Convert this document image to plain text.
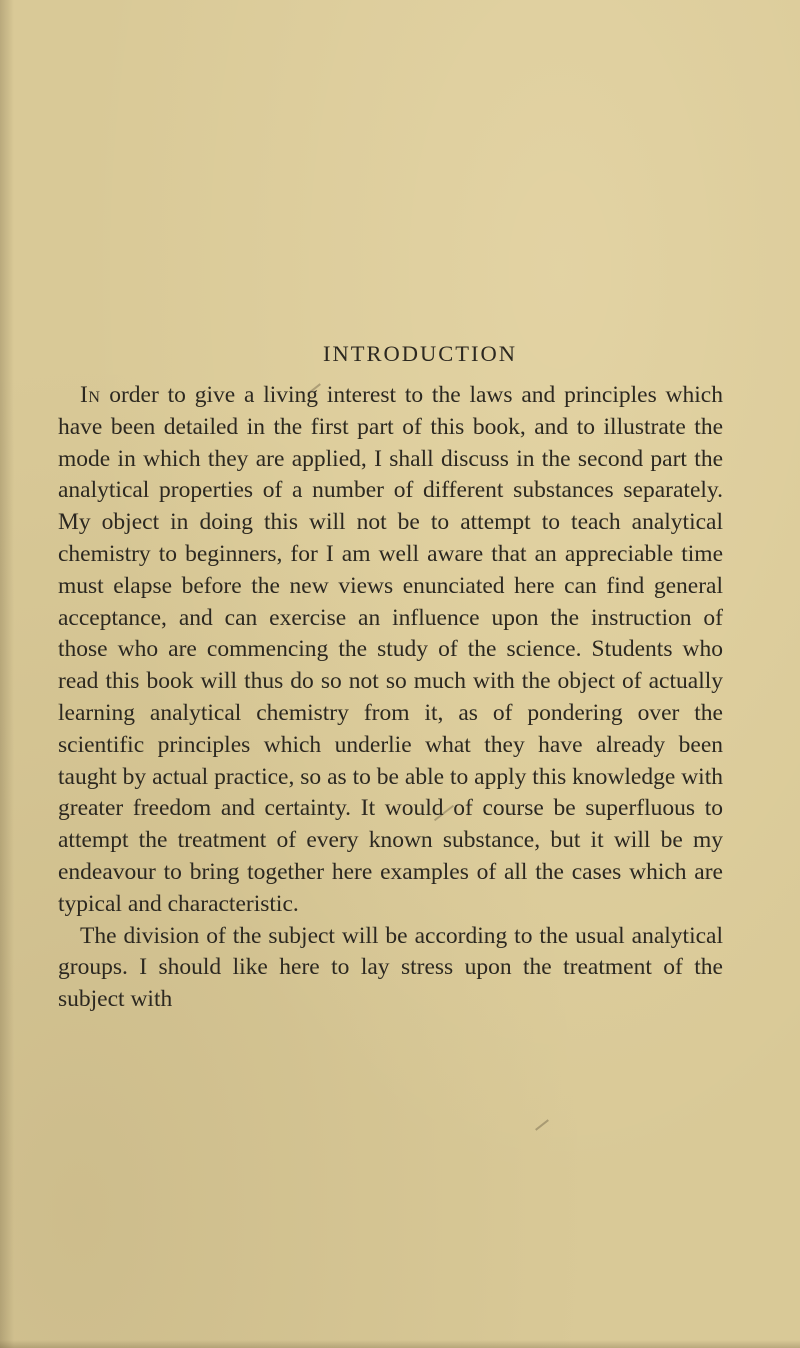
INTRODUCTION

In order to give a living interest to the laws and principles which have been detailed in the first part of this book, and to illustrate the mode in which they are applied, I shall discuss in the second part the analytical properties of a number of different substances separately. My object in doing this will not be to attempt to teach analytical chemistry to beginners, for I am well aware that an appreciable time must elapse before the new views enunciated here can find general acceptance, and can exercise an influence upon the instruction of those who are commencing the study of the science. Students who read this book will thus do so not so much with the object of actually learning analytical chemistry from it, as of pondering over the scientific principles which underlie what they have already been taught by actual practice, so as to be able to apply this knowledge with greater freedom and certainty. It would of course be superfluous to attempt the treatment of every known substance, but it will be my endeavour to bring together here examples of all the cases which are typical and characteristic.

The division of the subject will be according to the usual analytical groups. I should like here to lay stress upon the treatment of the subject with
